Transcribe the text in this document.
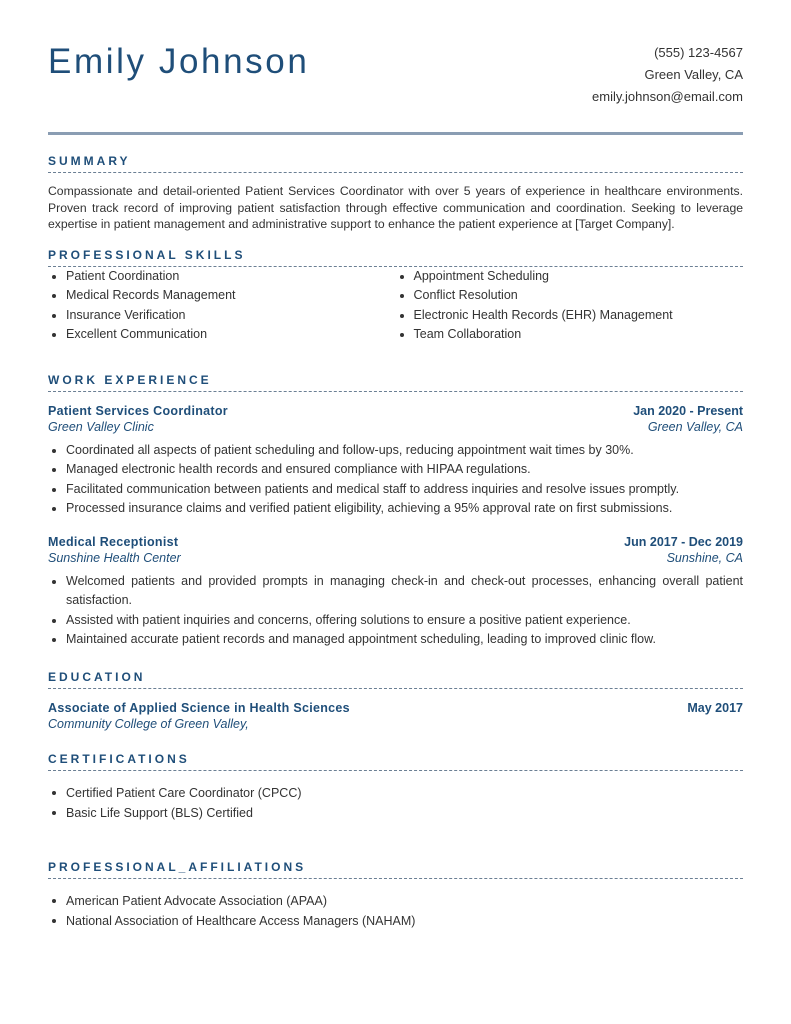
Emily Johnson	(555) 123-4567
Green Valley, CA
emily.johnson@email.com
SUMMARY

Compassionate and detail-oriented Patient Services Coordinator with over 5 years of experience in healthcare environments. Proven track record of improving patient satisfaction through effective communication and coordination. Seeking to leverage expertise in patient management and administrative support to enhance the patient experience at [Target Company].

PROFESSIONAL SKILLS
Patient Coordination	Appointment Scheduling
Medical Records Management	Conflict Resolution
Insurance Verification	Electronic Health Records (EHR) Management
Excellent Communication	Team Collaboration
WORK EXPERIENCE
Patient Services Coordinator	Jan 2020 - Present
Green Valley Clinic	Green Valley, CA
Coordinated all aspects of patient scheduling and follow-ups, reducing appointment wait times by 30%.
Managed electronic health records and ensured compliance with HIPAA regulations.
Facilitated communication between patients and medical staff to address inquiries and resolve issues promptly.
Processed insurance claims and verified patient eligibility, achieving a 95% approval rate on first submissions.
Medical Receptionist	Jun 2017 - Dec 2019
Sunshine Health Center	Sunshine, CA
Welcomed patients and provided prompts in managing check-in and check-out processes, enhancing overall patient satisfaction.
Assisted with patient inquiries and concerns, offering solutions to ensure a positive patient experience.
Maintained accurate patient records and managed appointment scheduling, leading to improved clinic flow.
EDUCATION
Associate of Applied Science in Health Sciences	May 2017
Community College of Green Valley,
CERTIFICATIONS
Certified Patient Care Coordinator (CPCC)
Basic Life Support (BLS) Certified
PROFESSIONAL_AFFILIATIONS
American Patient Advocate Association (APAA)
National Association of Healthcare Access Managers (NAHAM)
